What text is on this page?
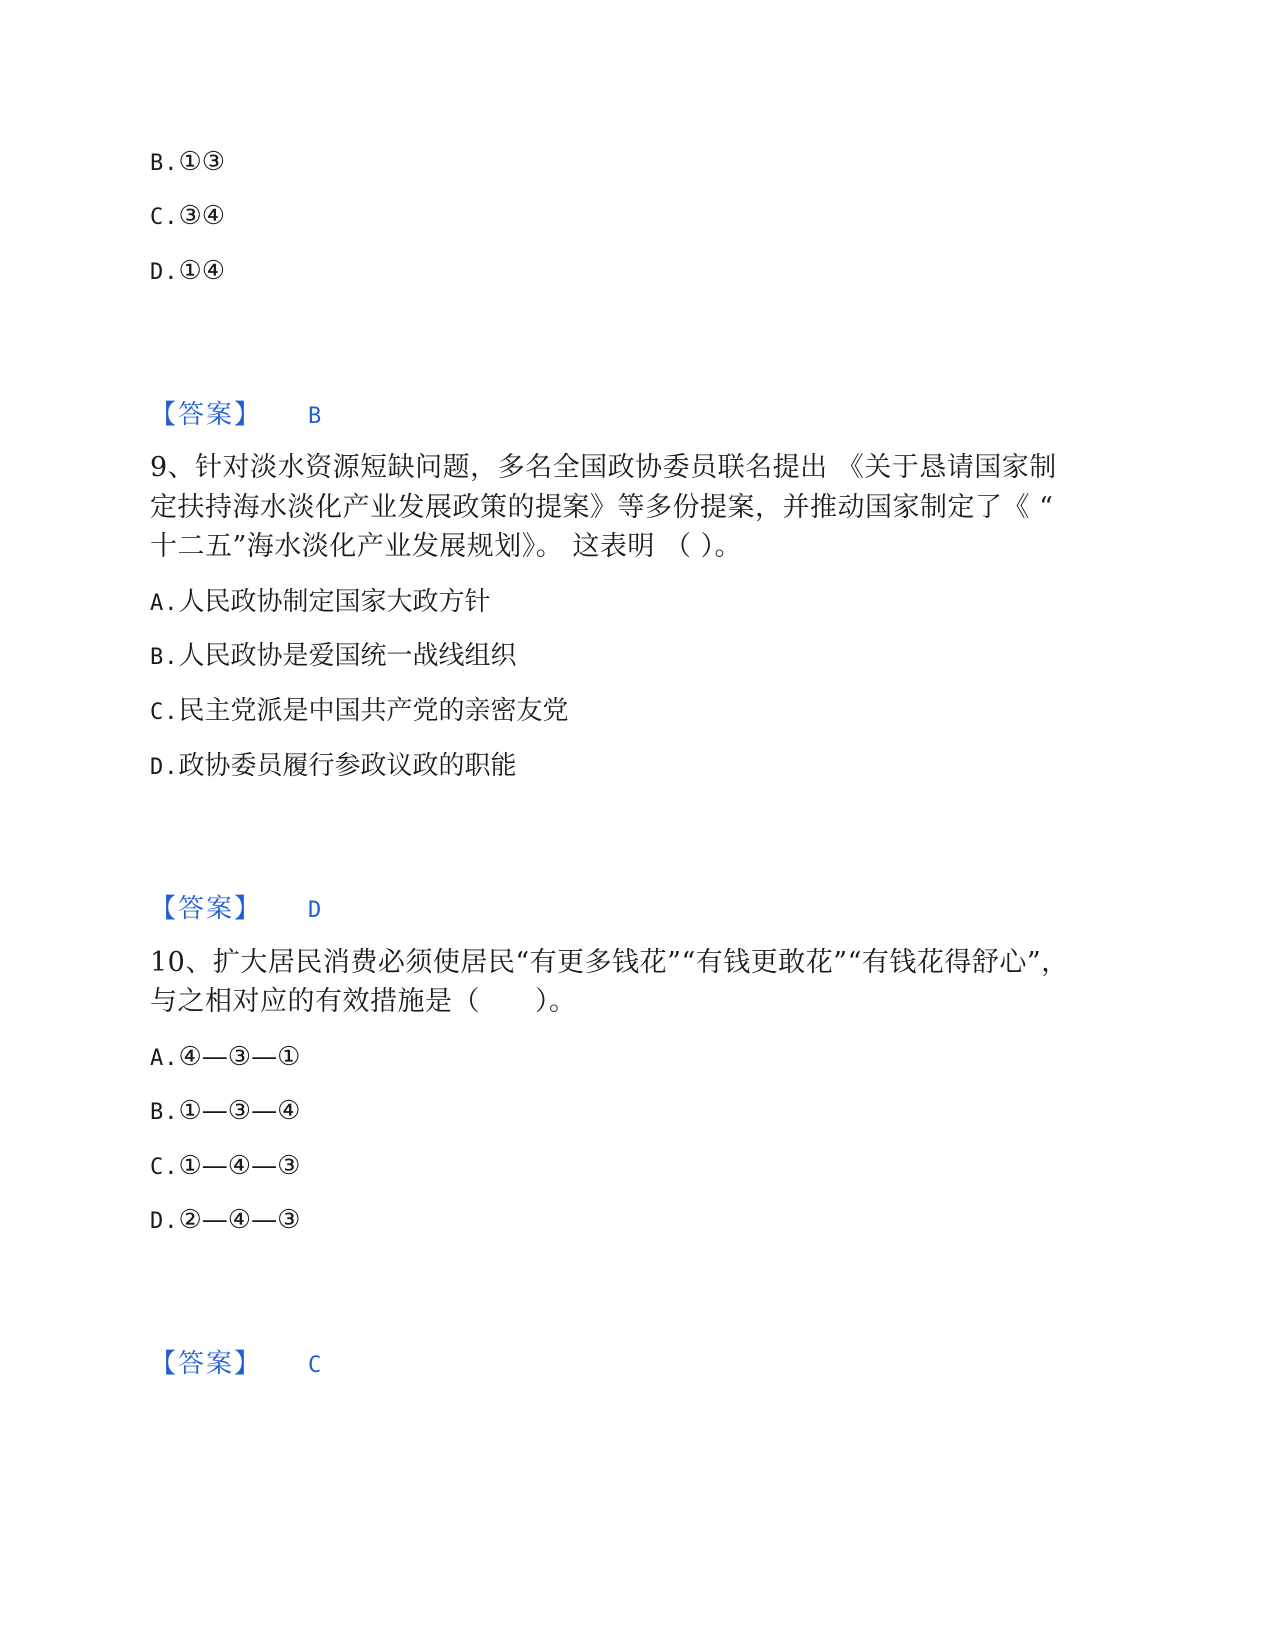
B.①③
C.③④
D.①④
【答案】 B
9、针对淡水资源短缺问题，多名全国政协委员联名提出 《关于恳请国家制
定扶持海水淡化产业发展政策的提案》等多份提案，并推动国家制定了《 “
十二五”海水淡化产业发展规划》。 这表明 （ ）。
A.人民政协制定国家大政方针
B.人民政协是爱国统一战线组织
C.民主党派是中国共产党的亲密友党
D.政协委员履行参政议政的职能
【答案】 D
10、扩大居民消费必须使居民“有更多钱花”“有钱更敢花”“有钱花得舒心”，
与之相对应的有效措施是（　　）。
A.④—③—①
B.①—③—④
C.①—④—③
D.②—④—③
【答案】 C
